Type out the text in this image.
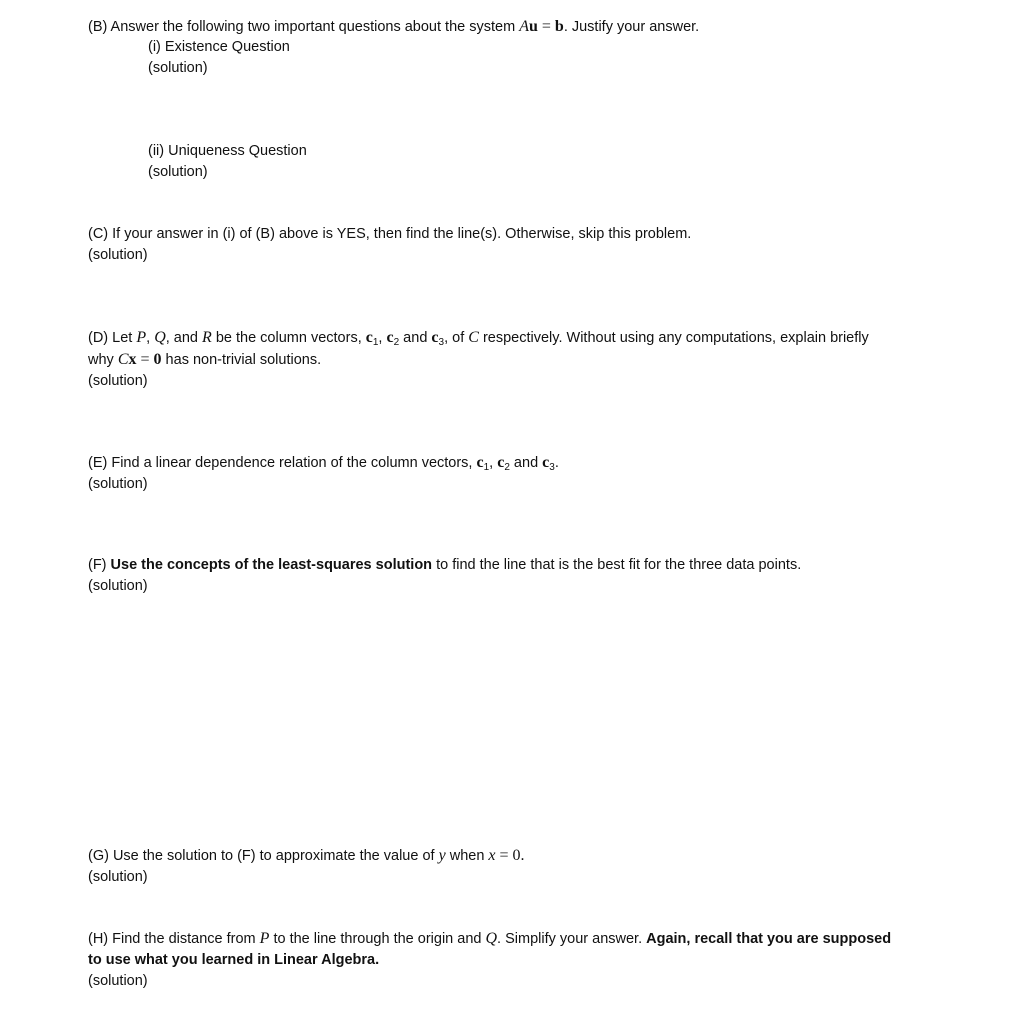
(B) Answer the following two important questions about the system Au = b. Justify your answer.
(i) Existence Question
(solution)
(ii) Uniqueness Question
(solution)
(C) If your answer in (i) of (B) above is YES, then find the line(s). Otherwise, skip this problem.
(solution)
(D) Let P, Q, and R be the column vectors, $c_1$, $c_2$ and $c_3$, of C respectively. Without using any computations, explain briefly
why Cx = 0 has non-trivial solutions.
(solution)
(E) Find a linear dependence relation of the column vectors, $c_1$, $c_2$ and $c_3$.
(solution)
(F) Use the concepts of the least-squares solution to find the line that is the best fit for the three data points.
(solution)
(G) Use the solution to (F) to approximate the value of y when x = 0.
(solution)
(H) Find the distance from P to the line through the origin and Q. Simplify your answer. Again, recall that you are supposed
to use what you learned in Linear Algebra.
(solution)
